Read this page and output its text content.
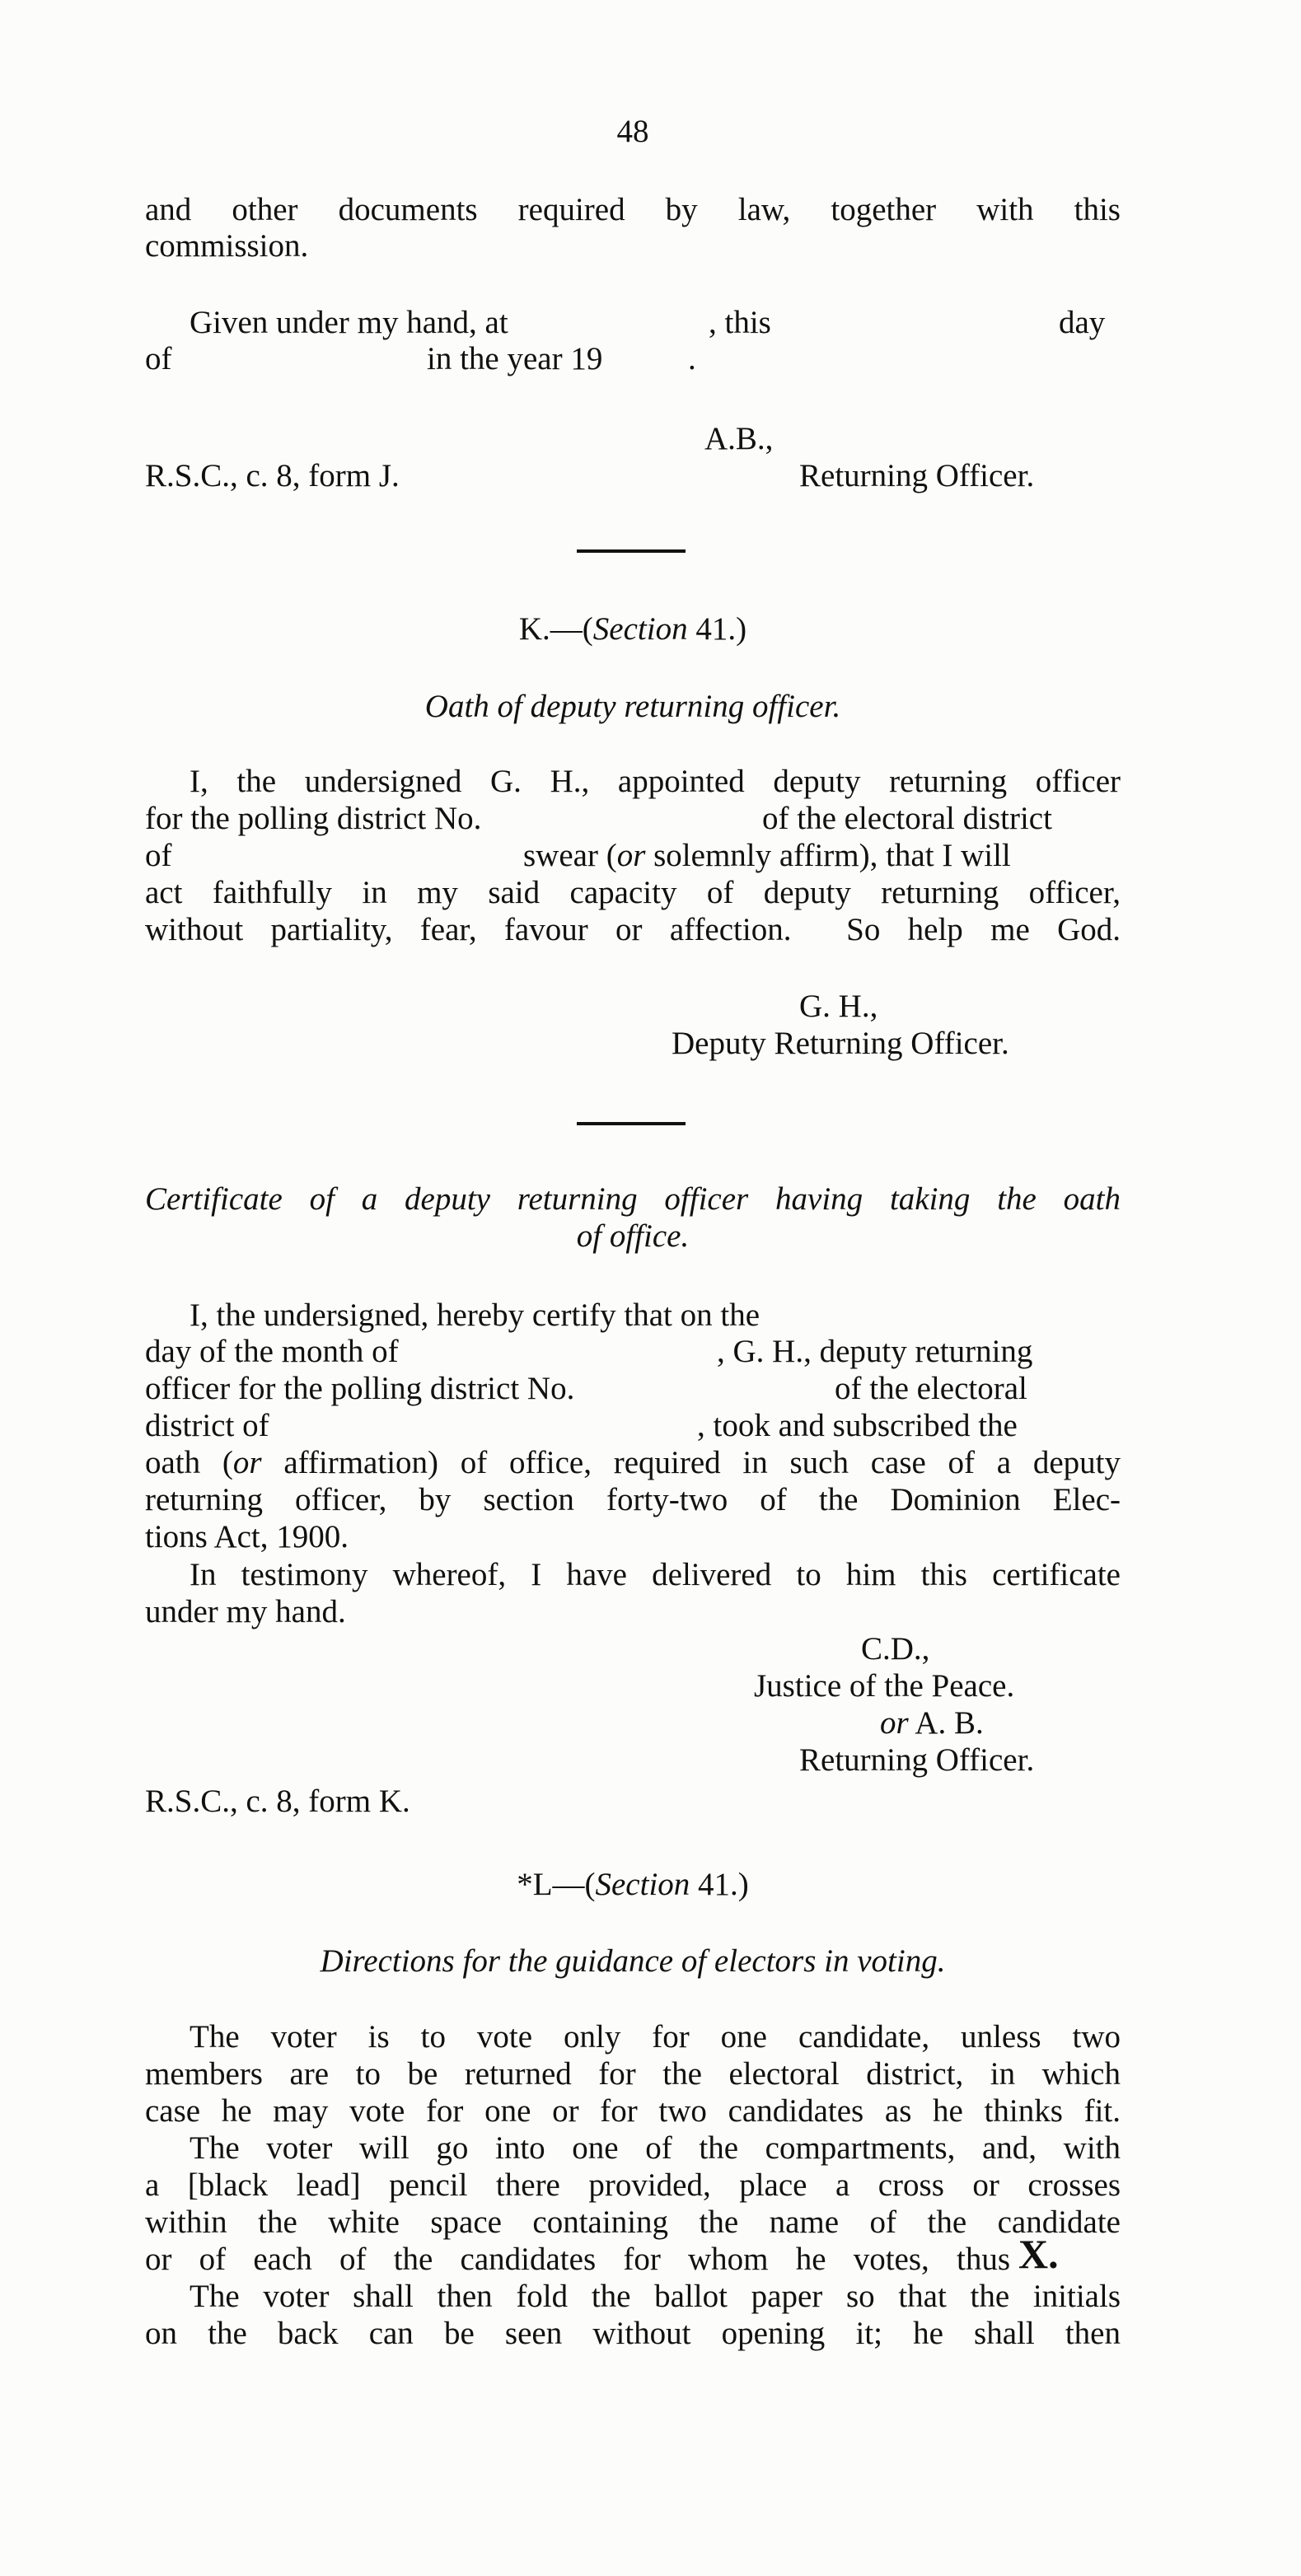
48
and other documents required by law, together with this
commission.
Given under my hand, at	, this	day
of	in the year 19	.
A.B.,
R.S.C., c. 8, form J.	Returning Officer.
K.—(Section 41.)
Oath of deputy returning officer.
I, the undersigned G. H., appointed deputy returning officer
for the polling district No.	of the electoral district
of	swear (or solemnly affirm), that I will
act faithfully in my said capacity of deputy returning officer,
without partiality, fear, favour or affection.  So help me God.
G. H.,
Deputy Returning Officer.
Certificate of a deputy returning officer having taking the oath
of office.
I, the undersigned, hereby certify that on the
day of the month of	, G. H., deputy returning
officer for the polling district No.	of the electoral
district of	, took and subscribed the
oath (or affirmation) of office, required in such case of a deputy
returning officer, by section forty-two of the Dominion Elec-
tions Act, 1900.
In testimony whereof, I have delivered to him this certificate
under my hand.
C.D.,
Justice of the Peace.
or A. B.
Returning Officer.
R.S.C., c. 8, form K.
*L—(Section 41.)
Directions for the guidance of electors in voting.
The voter is to vote only for one candidate, unless two
members are to be returned for the electoral district, in which
case he may vote for one or for two candidates as he thinks fit.
The voter will go into one of the compartments, and, with
a [black lead] pencil there provided, place a cross or crosses
within the white space containing the name of the candidate
or of each of the candidates for whom he votes, thus X.
The voter shall then fold the ballot paper so that the initials
on the back can be seen without opening it; he shall then
